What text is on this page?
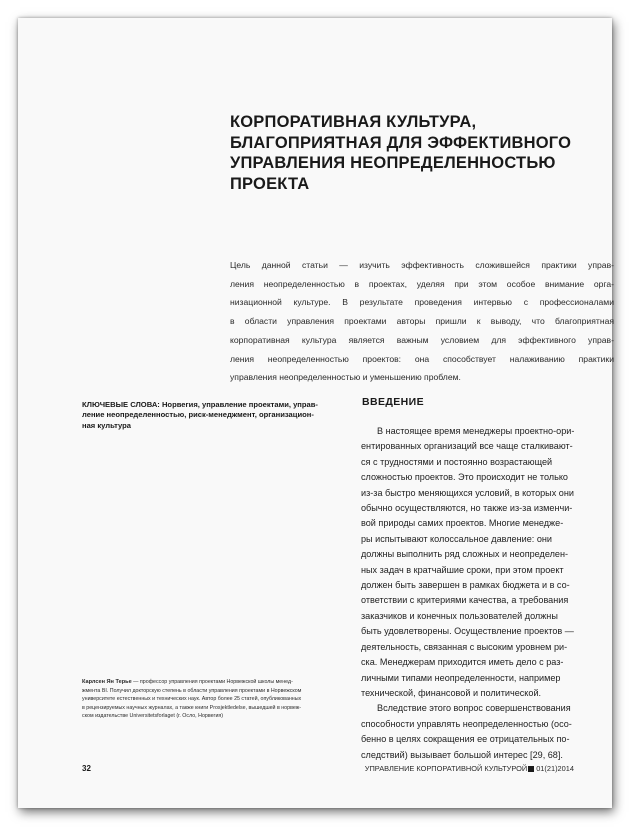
КОРПОРАТИВНАЯ КУЛЬТУРА,
БЛАГОПРИЯТНАЯ ДЛЯ ЭФФЕКТИВНОГО
УПРАВЛЕНИЯ НЕОПРЕДЕЛЕННОСТЬЮ
ПРОЕКТА

Цель данной статьи — изучить эффективность сложившейся практики управ-
ления неопределенностью в проектах, уделяя при этом особое внимание орга-
низационной культуре. В результате проведения интервью с профессионалами
в области управления проектами авторы пришли к выводу, что благоприятная
корпоративная культура является важным условием для эффективного управ-
ления неопределенностью проектов: она способствует налаживанию практики
управления неопределенностью и уменьшению проблем.

КЛЮЧЕВЫЕ СЛОВА: Норвегия, управление проектами, управ-
ление неопределенностью, риск-менеджмент, организацион-
ная культура

ВВЕДЕНИЕ

В настоящее время менеджеры проектно-ори-
ентированных организаций все чаще сталкивают-
ся с трудностями и постоянно возрастающей
сложностью проектов. Это происходит не только
из-за быстро меняющихся условий, в которых они
обычно осуществляются, но также из-за изменчи-
вой природы самих проектов. Многие менедже-
ры испытывают колоссальное давление: они
должны выполнить ряд сложных и неопределен-
ных задач в кратчайшие сроки, при этом проект
должен быть завершен в рамках бюджета и в со-
ответствии с критериями качества, а требования
заказчиков и конечных пользователей должны
быть удовлетворены. Осуществление проектов —
деятельность, связанная с высоким уровнем ри-
ска. Менеджерам приходится иметь дело с раз-
личными типами неопределенности, например
технической, финансовой и политической.
Вследствие этого вопрос совершенствования
способности управлять неопределенностью (осо-
бенно в целях сокращения ее отрицательных по-
следствий) вызывает большой интерес [29, 68].

Карлсен Ян Терье — профессор управления проектами Норвежской школы менед-
жмента BI. Получил докторскую степень в области управления проектами в Норвежском
университете естественных и технических наук. Автор более 25 статей, опубликованных
в рецензируемых научных журналах, а также книги Prosjektledelse, вышедшей в норвеж-
ском издательстве Universitetsforlaget (г. Осло, Норвегия)

32	УПРАВЛЕНИЕ КОРПОРАТИВНОЙ КУЛЬТУРОЙ 01(21)2014
